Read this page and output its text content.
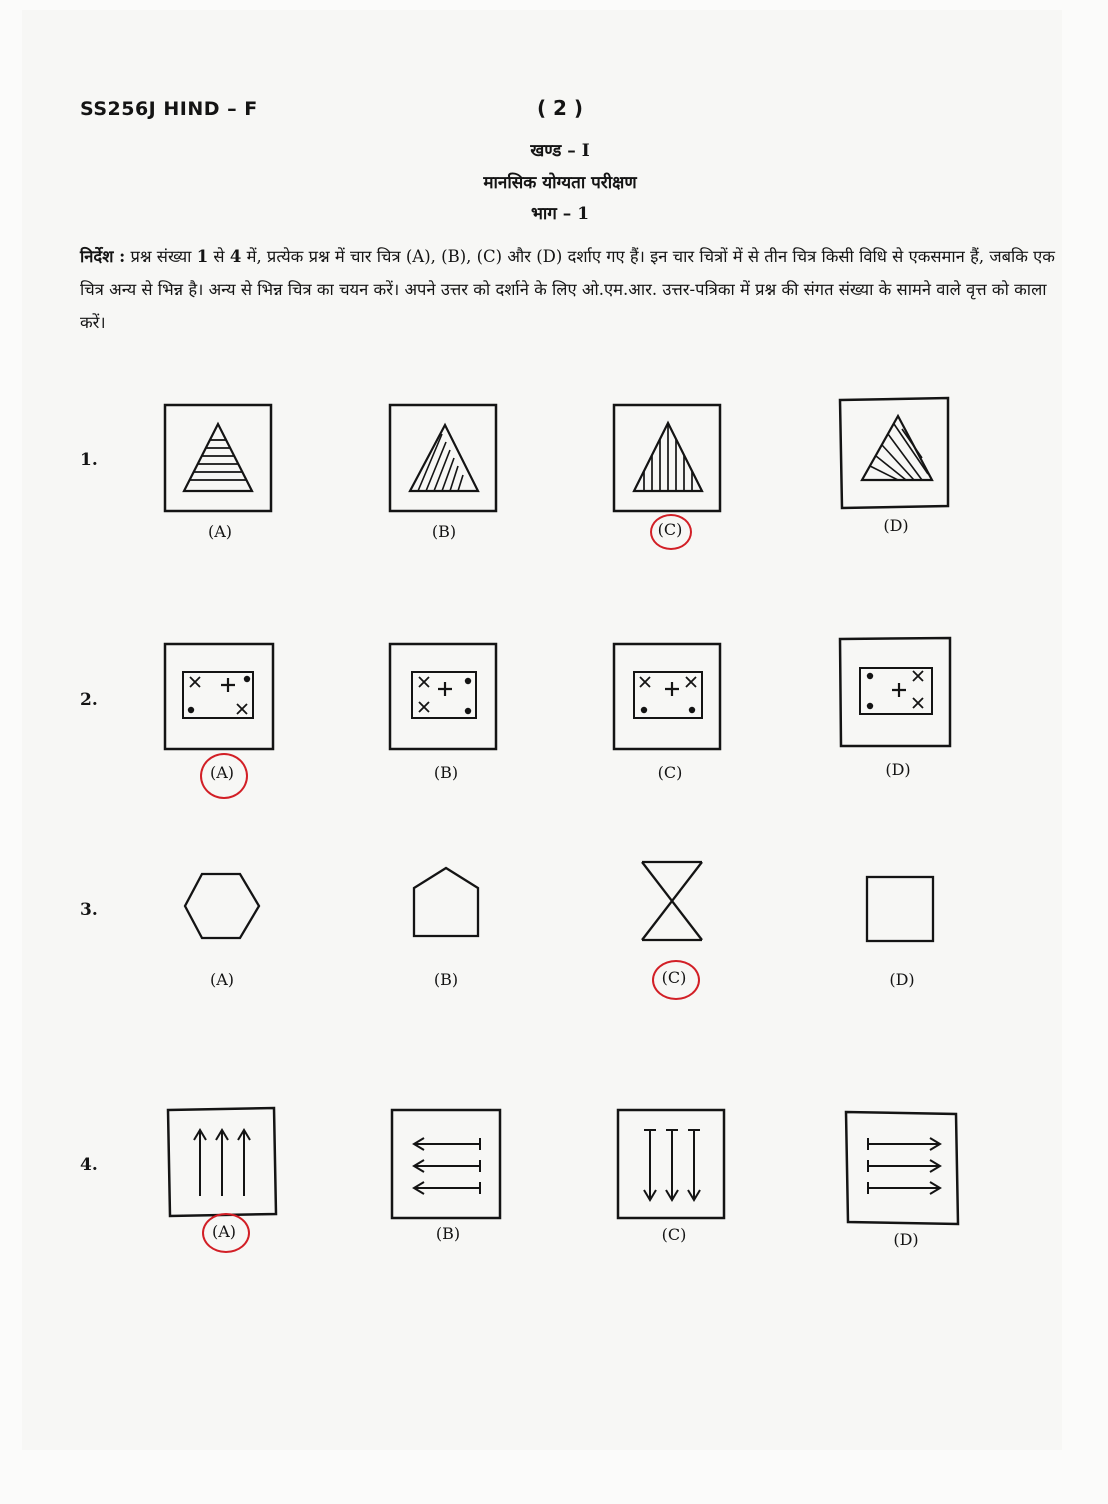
SS256J HIND – F	( 2 )
खण्ड – I
मानसिक योग्यता परीक्षण
भाग – 1
निर्देश : प्रश्न संख्या 1 से 4 में, प्रत्येक प्रश्न में चार चित्र (A), (B), (C) और (D) दर्शाए गए हैं। इन चार चित्रों में से तीन चित्र किसी विधि से एकसमान हैं, जबकि एक चित्र अन्य से भिन्न है। अन्य से भिन्न चित्र का चयन करें। अपने उत्तर को दर्शाने के लिए ओ.एम.आर. उत्तर-पत्रिका में प्रश्न की संगत संख्या के सामने वाले वृत्त को काला करें।
1.
(A)	(B)	(C)	(D)
2.
(A)	(B)	(C)	(D)
3.
(A)	(B)	(C)	(D)
4.
(A)	(B)	(C)	(D)
